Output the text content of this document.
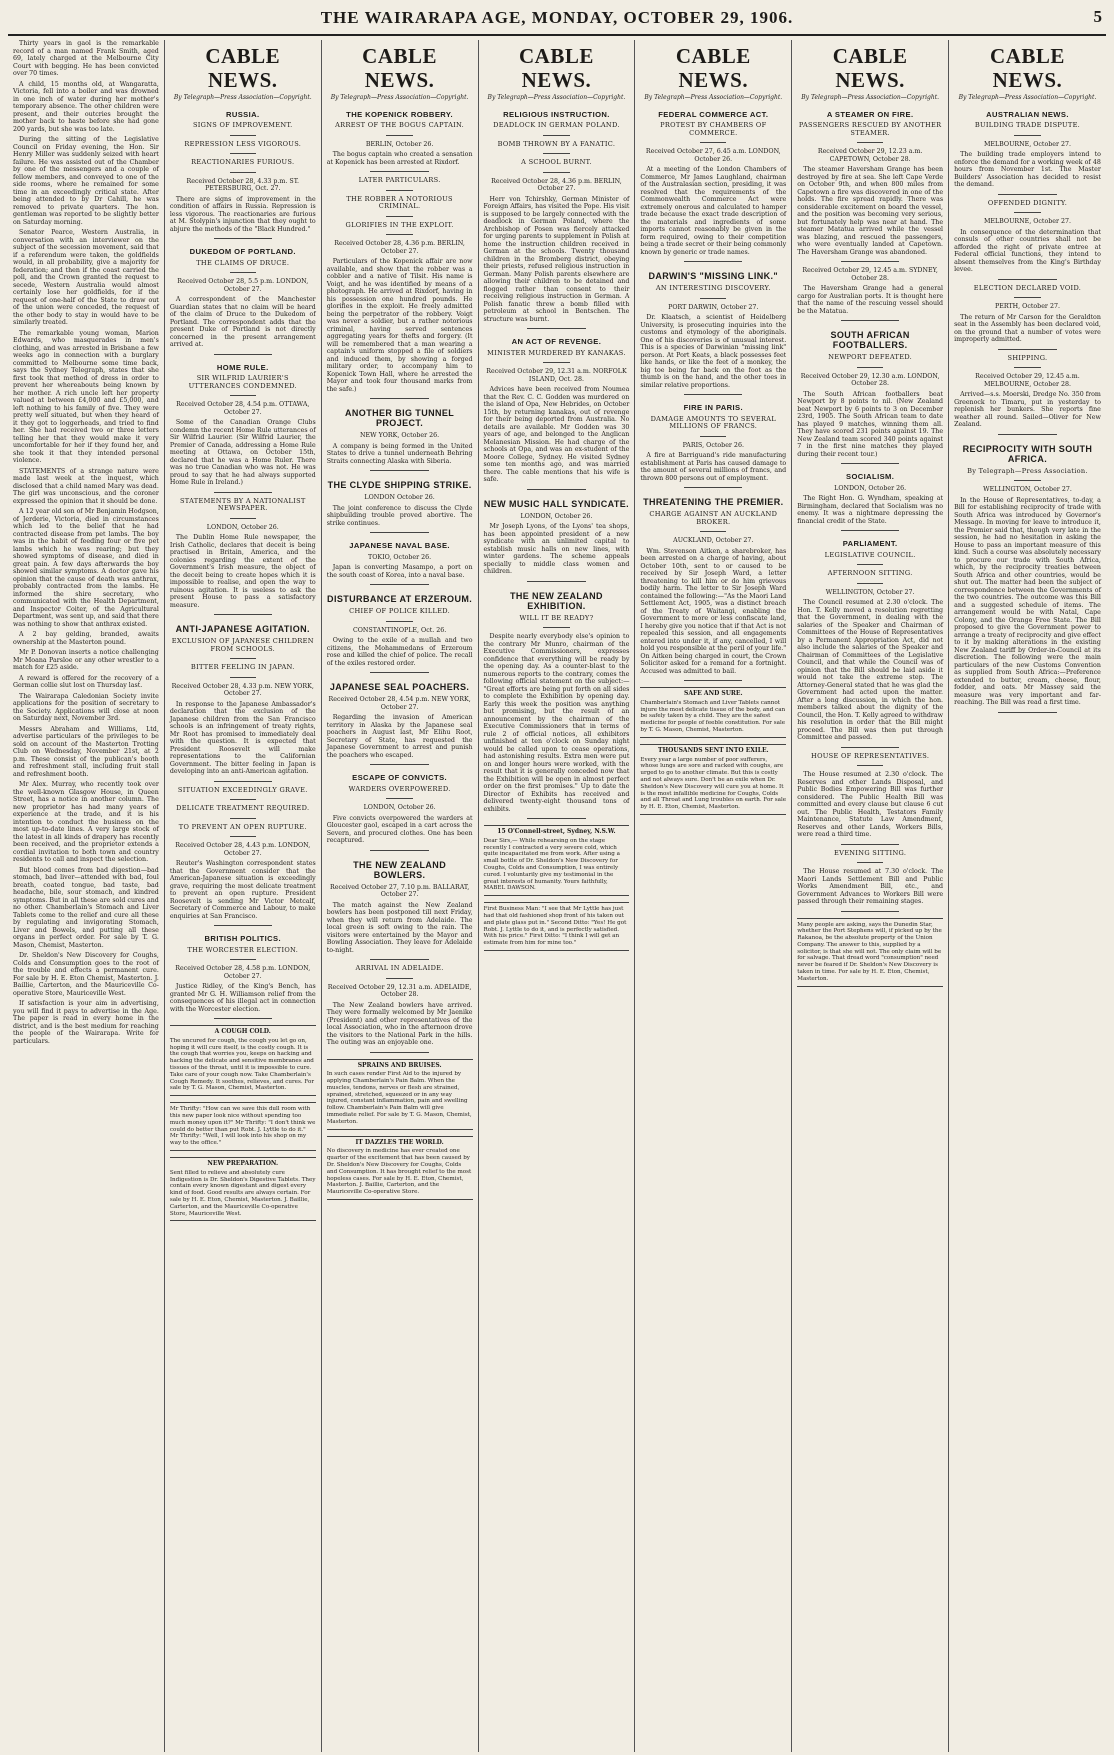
THE WAIRARAPA AGE, MONDAY, OCTOBER 29, 1906.	5

Thirty years in gaol is the remarkable record of a man named Frank Smith, aged 69, lately charged at the Melbourne City Court with begging. He has been convicted over 70 times.

A child, 15 months old, at Wangaratta, Victoria, fell into a boiler and was drowned in one inch of water during her mother's temporary absence. The other children were present, and their outcries brought the mother back to haste before she had gone 200 yards, but she was too late.

During the sitting of the Legislative Council on Friday evening, the Hon. Sir Henry Miller was suddenly seized with heart failure. He was assisted out of the Chamber by one of the messengers and a couple of fellow members, and conveyed to one of the side rooms, where he remained for some time in an exceedingly critical state. After being attended to by Dr Cahill, he was removed to private quarters. The hon. gentleman was reported to be slightly better on Saturday morning.

Senator Pearce, Western Australia, in conversation with an interviewer on the subject of the secession movement, said that if a referendum were taken, the goldfields would, in all probability, give a majority for federation; and then if the coast carried the poll, and the Crown granted the request to secede, Western Australia would almost certainly lose her goldfields, for if the request of one-half of the State to draw out of the union were conceded, the request of the other body to stay in would have to be similarly treated.

The remarkable young woman, Marion Edwards, who masquerades in men's clothing, and was arrested in Brisbane a few weeks ago in connection with a burglary committed to Melbourne some time back, says the Sydney Telegraph, states that she first took that method of dress in order to prevent her whereabouts being known by her mother. A rich uncle left her property valued at between £4,000 and £5,000, and left nothing to his family of five. They were pretty well situated, but when they heard of it they got to loggerheads, and tried to find her. She had received two or three letters telling her that they would make it very uncomfortable for her if they found her, and she took it that they intended personal violence.

STATEMENTS of a strange nature were made last week at the inquest, which disclosed that a child named Mary was dead. The girl was unconscious, and the coroner expressed the opinion that it should be done.

A 12 year old son of Mr Benjamin Hodgson, of Jerderie, Victoria, died in circumstances which led to the belief that he had contracted disease from pet lambs. The boy was in the habit of feeding four or five pet lambs which he was rearing; but they showed symptoms of disease, and died in great pain. A few days afterwards the boy showed similar symptoms. A doctor gave his opinion that the cause of death was anthrax, probably contracted from the lambs. He informed the shire secretary, who communicated with the Health Department, and Inspector Coiter, of the Agricultural Department, was sent up, and said that there was nothing to show that anthrax existed.

A 2 bay gelding, branded, awaits ownership at the Masterton pound.

Mr P. Donovan inserts a notice challenging Mr Moana Parsloe or any other wrestler to a match for £25 aside.

A reward is offered for the recovery of a German collie slut lost on Thursday last.

The Wairarapa Caledonian Society invite applications for the position of secretary to the Society. Applications will close at noon on Saturday next, November 3rd.

Messrs Abraham and Williams, Ltd, advertise particulars of the privileges to be sold on account of the Masterton Trotting Club on Wednesday, November 21st, at 2 p.m. These consist of the publican's booth and refreshment stall, including fruit stall and refreshment booth.

Mr Alex. Murray, who recently took over the well-known Glasgow House, in Queen Street, has a notice in another column. The new proprietor has had many years of experience at the trade, and it is his intention to conduct the business on the most up-to-date lines. A very large stock of the latest in all kinds of drapery has recently been received, and the proprietor extends a cordial invitation to both town and country residents to call and inspect the selection.

But blood comes from bad digestion—bad stomach, bad liver—attended with bad, foul breath, coated tongue, bad taste, bad headache, bile, sour stomach, and kindred symptoms. But in all these are sold cures and no other. Chamberlain's Stomach and Liver Tablets come to the relief and cure all these by regulating and invigorating Stomach, Liver and Bowels, and putting all these organs in perfect order. For sale by T. G. Mason, Chemist, Masterton.

Dr. Sheldon's New Discovery for Coughs, Colds and Consumption goes to the root of the trouble and effects a permanent cure. For sale by H. E. Eton Chemist, Masterton. J. Baillie, Carterton, and the Mauriceville Co-operative Store, Mauriceville West.

If satisfaction is your aim in advertising, you will find it pays to advertise in the Age. The paper is read in every home in the district, and is the best medium for reaching the people of the Wairarapa. Write for particulars.

CABLE NEWS.
By Telegraph—Press Association—Copyright.
RUSSIA.
SIGNS OF IMPROVEMENT.
REPRESSION LESS VIGOROUS.
REACTIONARIES FURIOUS.

Received October 28, 4.33 p.m. ST. PETERSBURG, Oct. 27.

There are signs of improvement in the condition of affairs in Russia. Repression is less vigorous. The reactionaries are furious at M. Stolypin's injunction that they ought to abjure the methods of the "Black Hundred."

DUKEDOM OF PORTLAND.
THE CLAIMS OF DRUCE.

Received October 28, 5.5 p.m. LONDON, October 27.

A correspondent of the Manchester Guardian states that no claim will be heard of the claim of Druce to the Dukedom of Portland. The correspondent adds that the present Duke of Portland is not directly concerned in the present arrangement arrived at.

HOME RULE.
SIR WILFRID LAURIER'S UTTERANCES CONDEMNED.

Received October 28, 4.54 p.m. OTTAWA, October 27.

Some of the Canadian Orange Clubs condemn the recent Home Rule utterances of Sir Wilfrid Laurier. (Sir Wilfrid Laurier, the Premier of Canada, addressing a Home Rule meeting at Ottawa, on October 15th, declared that he was a Home Ruler. There was no true Canadian who was not. He was proud to say that he had always supported Home Rule in Ireland.)

STATEMENTS BY A NATIONALIST NEWSPAPER.

LONDON, October 26.

The Dublin Home Rule newspaper, the Irish Catholic, declares that deceit is being practised in Britain, America, and the colonies regarding the extent of the Government's Irish measure, the object of the deceit being to create hopes which it is impossible to realise, and open the way to ruinous agitation. It is useless to ask the present House to pass a satisfactory measure.

ANTI-JAPANESE AGITATION.
EXCLUSION OF JAPANESE CHILDREN FROM SCHOOLS.
BITTER FEELING IN JAPAN.

Received October 28, 4.33 p.m. NEW YORK, October 27.

In response to the Japanese Ambassador's declaration that the exclusion of the Japanese children from the San Francisco schools is an infringement of treaty rights, Mr Root has promised to immediately deal with the question. It is expected that President Roosevelt will make representations to the Californian Government. The bitter feeling in Japan is developing into an anti-American agitation.

SITUATION EXCEEDINGLY GRAVE.
DELICATE TREATMENT REQUIRED.
TO PREVENT AN OPEN RUPTURE.

Received October 28, 4.43 p.m. LONDON, October 27.

Reuter's Washington correspondent states that the Government consider that the American-Japanese situation is exceedingly grave, requiring the most delicate treatment to prevent an open rupture. President Roosevelt is sending Mr Victor Metcalf, Secretary of Commerce and Labour, to make enquiries at San Francisco.

BRITISH POLITICS.
THE WORCESTER ELECTION.

Received October 28, 4.58 p.m. LONDON, October 27.

Justice Ridley, of the King's Bench, has granted Mr G. H. Williamson relief from the consequences of his illegal act in connection with the Worcester election.

A COUGH COLD.
The uncured for cough, the cough you let go on, hoping it will cure itself, is the costly cough. It is the cough that worries you, keeps on hacking and hacking the delicate and sensitive membranes and tissues of the throat, until it is impossible to cure. Take care of your cough now. Take Chamberlain's Cough Remedy. It soothes, relieves, and cures. For sale by T. G. Mason, Chemist, Masterton.
Mr Thrifty: "How can we save this dull room with this new paper look nice without spending too much money upon it?" Mr Thrifty: "I don't think we could do better than put Robt. J. Lyttle to do it." Mr Thrifty: "Well, I will look into his shop on my way to the office."
NEW PREPARATION.
Sent filled to relieve and absolutely cure Indigestion is Dr. Sheldon's Digestive Tablets. They contain every known digestant and digest every kind of food. Good results are always certain. For sale by H. E. Eton, Chemist, Masterton. J. Baillie, Carterton, and the Mauriceville Co-operative Store, Mauriceville West.
CABLE NEWS.
By Telegraph—Press Association—Copyright.
THE KOPENICK ROBBERY.
ARREST OF THE BOGUS CAPTAIN.

BERLIN, October 26.

The bogus captain who created a sensation at Kopenick has been arrested at Rixdorf.

LATER PARTICULARS.
THE ROBBER A NOTORIOUS CRIMINAL.
GLORIFIES IN THE EXPLOIT.

Received October 28, 4.36 p.m. BERLIN, October 27.

Particulars of the Kopenick affair are now available, and show that the robber was a cobbler and a native of Tilsit. His name is Voigt, and he was identified by means of a photograph. He arrived at Rixdorf, having in his possession one hundred pounds. He glorifies in the exploit. He freely admitted being the perpetrator of the robbery. Voigt was never a soldier, but a rather notorious criminal, having served sentences aggregating years for thefts and forgery. (It will be remembered that a man wearing a captain's uniform stopped a file of soldiers and induced them, by showing a forged military order, to accompany him to Kopenick Town Hall, where he arrested the Mayor and took four thousand marks from the safe.)

ANOTHER BIG TUNNEL PROJECT.

NEW YORK, October 26.

A company is being formed in the United States to drive a tunnel underneath Behring Straits connecting Alaska with Siberia.

THE CLYDE SHIPPING STRIKE.

LONDON October 26.

The joint conference to discuss the Clyde shipbuilding trouble proved abortive. The strike continues.

JAPANESE NAVAL BASE.

TOKIO, October 26.

Japan is converting Masampo, a port on the south coast of Korea, into a naval base.

DISTURBANCE AT ERZEROUM.
CHIEF OF POLICE KILLED.

CONSTANTINOPLE, Oct. 26.

Owing to the exile of a mullah and two citizens, the Mohammedans of Erzeroum rose and killed the chief of police. The recall of the exiles restored order.

JAPANESE SEAL POACHERS.

Received October 28, 4.54 p.m. NEW YORK, October 27.

Regarding the invasion of American territory in Alaska by the Japanese seal poachers in August last, Mr Elihu Root, Secretary of State, has requested the Japanese Government to arrest and punish the poachers who escaped.

ESCAPE OF CONVICTS.
WARDERS OVERPOWERED.

LONDON, October 26.

Five convicts overpowered the warders at Gloucester gaol, escaped in a cart across the Severn, and procured clothes. One has been recaptured.

THE NEW ZEALAND BOWLERS.

Received October 27, 7.10 p.m. BALLARAT, October 27.

The match against the New Zealand bowlers has been postponed till next Friday, when they will return from Adelaide. The local green is soft owing to the rain. The visitors were entertained by the Mayor and Bowling Association. They leave for Adelaide to-night.

ARRIVAL IN ADELAIDE.

Received October 29, 12.31 a.m. ADELAIDE, October 28.

The New Zealand bowlers have arrived. They were formally welcomed by Mr Jaenike (President) and other representatives of the local Association, who in the afternoon drove the visitors to the National Park in the hills. The outing was an enjoyable one.

SPRAINS AND BRUISES.
In such cases render First Aid to the injured by applying Chamberlain's Pain Balm. When the muscles, tendons, nerves or flesh are strained, sprained, stretched, squeezed or in any way injured, constant inflammation, pain and swelling follow. Chamberlain's Pain Balm will give immediate relief. For sale by T. G. Mason, Chemist, Masterton.
IT DAZZLES THE WORLD.
No discovery in medicine has ever created one quarter of the excitement that has been caused by Dr. Sheldon's New Discovery for Coughs, Colds and Consumption. It has brought relief to the most hopeless cases. For sale by H. E. Eton, Chemist, Masterton. J. Baillie, Carterton, and the Mauriceville Co-operative Store.
CABLE NEWS.
By Telegraph—Press Association—Copyright.
RELIGIOUS INSTRUCTION.
DEADLOCK IN GERMAN POLAND.
BOMB THROWN BY A FANATIC.
A SCHOOL BURNT.

Received October 28, 4.36 p.m. BERLIN, October 27.

Herr von Tchirshky, German Minister of Foreign Affairs, has visited the Pope. His visit is supposed to be largely connected with the deadlock in German Poland, where the Archbishop of Posen was fiercely attacked for urging parents to supplement in Polish at home the instruction children received in German at the schools. Twenty thousand children in the Bromberg district, obeying their priests, refused religious instruction in German. Many Polish parents elsewhere are allowing their children to be detained and flogged rather than consent to their receiving religious instruction in German. A Polish fanatic threw a bomb filled with petroleum at school in Bentschen. The structure was burnt.

AN ACT OF REVENGE.
MINISTER MURDERED BY KANAKAS.

Received October 29, 12.31 a.m. NORFOLK ISLAND, Oct. 28.

Advices have been received from Noumea that the Rev. C. C. Godden was murdered on the island of Opa, New Hebrides, on October 15th, by returning kanakas, out of revenge for their being deported from Australia. No details are available. Mr Godden was 30 years of age, and belonged to the Anglican Melanesian Mission. He had charge of the schools at Opa, and was an ex-student of the Moore College, Sydney. He visited Sydney some ten months ago, and was married there. The cable mentions that his wife is safe.

NEW MUSIC HALL SYNDICATE.

LONDON, October 26.

Mr Joseph Lyons, of the Lyons' tea shops, has been appointed president of a new syndicate with an unlimited capital to establish music halls on new lines, with winter gardens. The scheme appeals specially to middle class women and children.

THE NEW ZEALAND EXHIBITION.
WILL IT BE READY?

Despite nearly everybody else's opinion to the contrary Mr Munro, chairman of the Executive Commissioners, expresses confidence that everything will be ready by the opening day. As a counter-blast to the numerous reports to the contrary, comes the following official statement on the subject:— "Great efforts are being put forth on all sides to complete the Exhibition by opening day. Early this week the position was anything but promising, but the result of an announcement by the chairman of the Executive Commissioners that in terms of rule 2 of official notices, all exhibitors unfinished at ten o'clock on Sunday night would be called upon to cease operations, had astonishing results. Extra men were put on and longer hours were worked, with the result that it is generally conceded now that the Exhibition will be open in almost perfect order on the first promises." Up to date the Director of Exhibits has received and delivered twenty-eight thousand tons of exhibits.

15 O'Connell-street, Sydney, N.S.W.
Dear Sirs,— While rehearsing on the stage recently I contracted a very severe cold, which quite incapacitated me from work. After using a small bottle of Dr. Sheldon's New Discovery for Coughs, Colds and Consumption, I was entirely cured. I voluntarily give my testimonial in the great interests of humanity. Yours faithfully, MABEL DAWSON.
First Business Man: "I see that Mr Lyttle has just had that old fashioned shop front of his taken out and plate glass put in." Second Ditto: "Yes! He got Robt. J. Lyttle to do it, and is perfectly satisfied. With his price." First Ditto: "I think I will get an estimate from him for mine too."
CABLE NEWS.
By Telegraph—Press Association—Copyright.
FEDERAL COMMERCE ACT.
PROTEST BY CHAMBERS OF COMMERCE.

Received October 27, 6.45 a.m. LONDON, October 26.

At a meeting of the London Chambers of Commerce, Mr James Laughland, chairman of the Australasian section, presiding, it was resolved that the requirements of the Commonwealth Commerce Act were extremely onerous and calculated to hamper trade because the exact trade description of the materials and ingredients of some imports cannot reasonably be given in the form required, owing to their competition being a trade secret or their being commonly known by generic or trade names.

DARWIN'S "MISSING LINK."
AN INTERESTING DISCOVERY.

PORT DARWIN, October 27.

Dr. Klaatsch, a scientist of Heidelberg University, is prosecuting inquiries into the customs and etymology of the aboriginals. One of his discoveries is of unusual interest. This is a species of Darwinian "missing link" person. At Port Keats, a black possesses feet like hands, or like the feet of a monkey, the big toe being far back on the foot as the thumb is on the hand, and the other toes in similar relative proportions.

FIRE IN PARIS.
DAMAGE AMOUNTS TO SEVERAL MILLIONS OF FRANCS.

PARIS, October 26.

A fire at Barriguand's ride manufacturing establishment at Paris has caused damage to the amount of several millions of francs, and thrown 800 persons out of employment.

THREATENING THE PREMIER.
CHARGE AGAINST AN AUCKLAND BROKER.

AUCKLAND, October 27.

Wm. Stevenson Aitken, a sharebroker, has been arrested on a charge of having, about October 10th, sent to or caused to be received by Sir Joseph Ward, a letter threatening to kill him or do him grievous bodily harm. The letter to Sir Joseph Ward contained the following:—"As the Maori Land Settlement Act, 1905, was a distinct breach of the Treaty of Waitangi, enabling the Government to more or less confiscate land, I hereby give you notice that if that Act is not repealed this session, and all engagements entered into under it, if any, cancelled, I will hold you responsible at the peril of your life." On Aitken being charged in court, the Crown Solicitor asked for a remand for a fortnight. Accused was admitted to bail.

SAFE AND SURE.
Chamberlain's Stomach and Liver Tablets cannot injure the most delicate tissue of the body, and can be safely taken by a child. They are the safest medicine for people of feeble constitution. For sale by T. G. Mason, Chemist, Masterton.
THOUSANDS SENT INTO EXILE.
Every year a large number of poor sufferers, whose lungs are sore and racked with coughs, are urged to go to another climate. But this is costly and not always sure. Don't be an exile when Dr. Sheldon's New Discovery will cure you at home. It is the most infallible medicine for Coughs, Colds and all Throat and Lung troubles on earth. For sale by H. E. Eton, Chemist, Masterton.
CABLE NEWS.
By Telegraph—Press Association—Copyright.
A STEAMER ON FIRE.
PASSENGERS RESCUED BY ANOTHER STEAMER.

Received October 29, 12.23 a.m. CAPETOWN, October 28.

The steamer Haversham Grange has been destroyed by fire at sea. She left Cape Verde on October 9th, and when 800 miles from Capetown a fire was discovered in one of the holds. The fire spread rapidly. There was considerable excitement on board the vessel, and the position was becoming very serious, but fortunately help was near at hand. The steamer Matatua arrived while the vessel was blazing, and rescued the passengers, who were eventually landed at Capetown. The Haversham Grange was abandoned.

Received October 29, 12.45 a.m. SYDNEY, October 28.

The Haversham Grange had a general cargo for Australian ports. It is thought here that the name of the rescuing vessel should be the Matatua.

SOUTH AFRICAN FOOTBALLERS.
NEWPORT DEFEATED.

Received October 29, 12.30 a.m. LONDON, October 28.

The South African footballers beat Newport by 8 points to nil. (New Zealand beat Newport by 6 points to 3 on December 23rd, 1905. The South African team to date has played 9 matches, winning them all. They have scored 231 points against 19. The New Zealand team scored 340 points against 7 in the first nine matches they played during their recent tour.)

SOCIALISM.

LONDON, October 26.

The Right Hon. G. Wyndham, speaking at Birmingham, declared that Socialism was no enemy. It was a nightmare depressing the financial credit of the State.

PARLIAMENT.
LEGISLATIVE COUNCIL.
AFTERNOON SITTING.

WELLINGTON, October 27.

The Council resumed at 2.30 o'clock. The Hon. T. Kelly moved a resolution regretting that the Government, in dealing with the salaries of the Speaker and Chairman of Committees of the House of Representatives by a Permanent Appropriation Act, did not also include the salaries of the Speaker and Chairman of Committees of the Legislative Council, and that while the Council was of opinion that the Bill should be laid aside it would not take the extreme step. The Attorney-General stated that he was glad the Government had acted upon the matter. After a long discussion, in which the hon. members talked about the dignity of the Council, the Hon. T. Kelly agreed to withdraw his resolution in order that the Bill might proceed. The Bill was then put through Committee and passed.

HOUSE OF REPRESENTATIVES.

The House resumed at 2.30 o'clock. The Reserves and other Lands Disposal, and Public Bodies Empowering Bill was further considered. The Public Health Bill was committed and every clause but clause 6 cut out. The Public Health, Testators Family Maintenance, Statute Law Amendment, Reserves and other Lands, Workers Bills, were read a third time.

EVENING SITTING.

The House resumed at 7.30 o'clock. The Maori Lands Settlement Bill and Public Works Amendment Bill, etc., and Government Advances to Workers Bill were passed through their remaining stages.

Many people are asking, says the Dunedin Star, whether the Port Stephens will, if picked up by the Rakanoa, be the absolute property of the Union Company. The answer to this, supplied by a solicitor, is that she will not. The only claim will be for salvage. That dread word "consumption" need never be feared if Dr. Sheldon's New Discovery is taken in time. For sale by H. E. Eton, Chemist, Masterton.
CABLE NEWS.
By Telegraph—Press Association—Copyright.
AUSTRALIAN NEWS.
BUILDING TRADE DISPUTE.

MELBOURNE, October 27.

The building trade employers intend to enforce the demand for a working week of 48 hours from November 1st. The Master Builders' Association has decided to resist the demand.

OFFENDED DIGNITY.

MELBOURNE, October 27.

In consequence of the determination that consuls of other countries shall not be afforded the right of private entree at Federal official functions, they intend to absent themselves from the King's Birthday levee.

ELECTION DECLARED VOID.

PERTH, October 27.

The return of Mr Carson for the Geraldton seat in the Assembly has been declared void, on the ground that a number of votes were improperly admitted.

SHIPPING.

Received October 29, 12.45 a.m. MELBOURNE, October 28.

Arrived—s.s. Moerski, Dredge No. 350 from Greenock to Timaru, put in yesterday to replenish her bunkers. She reports fine weather all round. Sailed—Oliver for New Zealand.

RECIPROCITY WITH SOUTH AFRICA.
By Telegraph—Press Association.

WELLINGTON, October 27.

In the House of Representatives, to-day, a Bill for establishing reciprocity of trade with South Africa was introduced by Governor's Message. In moving for leave to introduce it, the Premier said that, though very late in the session, he had no hesitation in asking the House to pass an important measure of this kind. Such a course was absolutely necessary to procure our trade with South Africa, which, by the reciprocity treaties between South Africa and other countries, would be shut out. The matter had been the subject of correspondence between the Governments of the two countries. The outcome was this Bill and a suggested schedule of items. The arrangement would be with Natal, Cape Colony, and the Orange Free State. The Bill proposed to give the Government power to arrange a treaty of reciprocity and give effect to it by making alterations in the existing New Zealand tariff by Order-in-Council at its discretion. The following were the main particulars of the new Customs Convention as supplied from South Africa:—Preference extended to butter, cream, cheese, flour, fodder, and oats. Mr Massey said the measure was very important and far-reaching. The Bill was read a first time.
